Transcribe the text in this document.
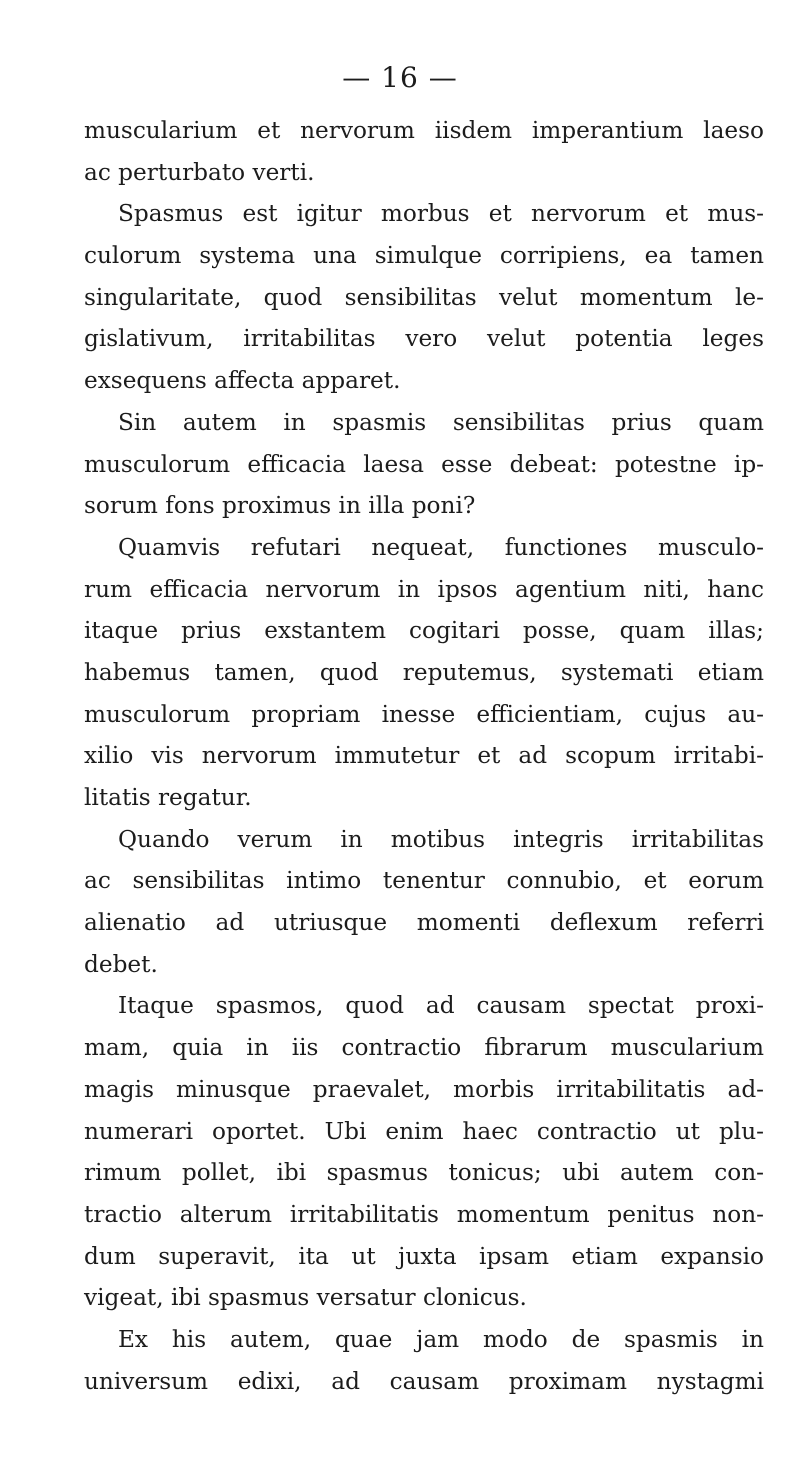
— 16 —
muscularium et nervorum iisdem imperantium laeso
ac perturbato verti.
Spasmus est igitur morbus et nervorum et mus-
culorum systema una simulque corripiens, ea tamen
singularitate, quod sensibilitas velut momentum le-
gislativum, irritabilitas vero velut potentia leges
exsequens affecta apparet.
Sin autem in spasmis sensibilitas prius quam
musculorum efficacia laesa esse debeat: potestne ip-
sorum fons proximus in illa poni?
Quamvis refutari nequeat, functiones musculo-
rum efficacia nervorum in ipsos agentium niti, hanc
itaque prius exstantem cogitari posse, quam illas;
habemus tamen, quod reputemus, systemati etiam
musculorum propriam inesse efficientiam, cujus au-
xilio vis nervorum immutetur et ad scopum irritabi-
litatis regatur.
Quando verum in motibus integris irritabilitas
ac sensibilitas intimo tenentur connubio, et eorum
alienatio ad utriusque momenti deflexum referri
debet.
Itaque spasmos, quod ad causam spectat proxi-
mam, quia in iis contractio fibrarum muscularium
magis minusque praevalet, morbis irritabilitatis ad-
numerari oportet. Ubi enim haec contractio ut plu-
rimum pollet, ibi spasmus tonicus; ubi autem con-
tractio alterum irritabilitatis momentum penitus non-
dum superavit, ita ut juxta ipsam etiam expansio
vigeat, ibi spasmus versatur clonicus.
Ex his autem, quae jam modo de spasmis in
universum edixi, ad causam proximam nystagmi
